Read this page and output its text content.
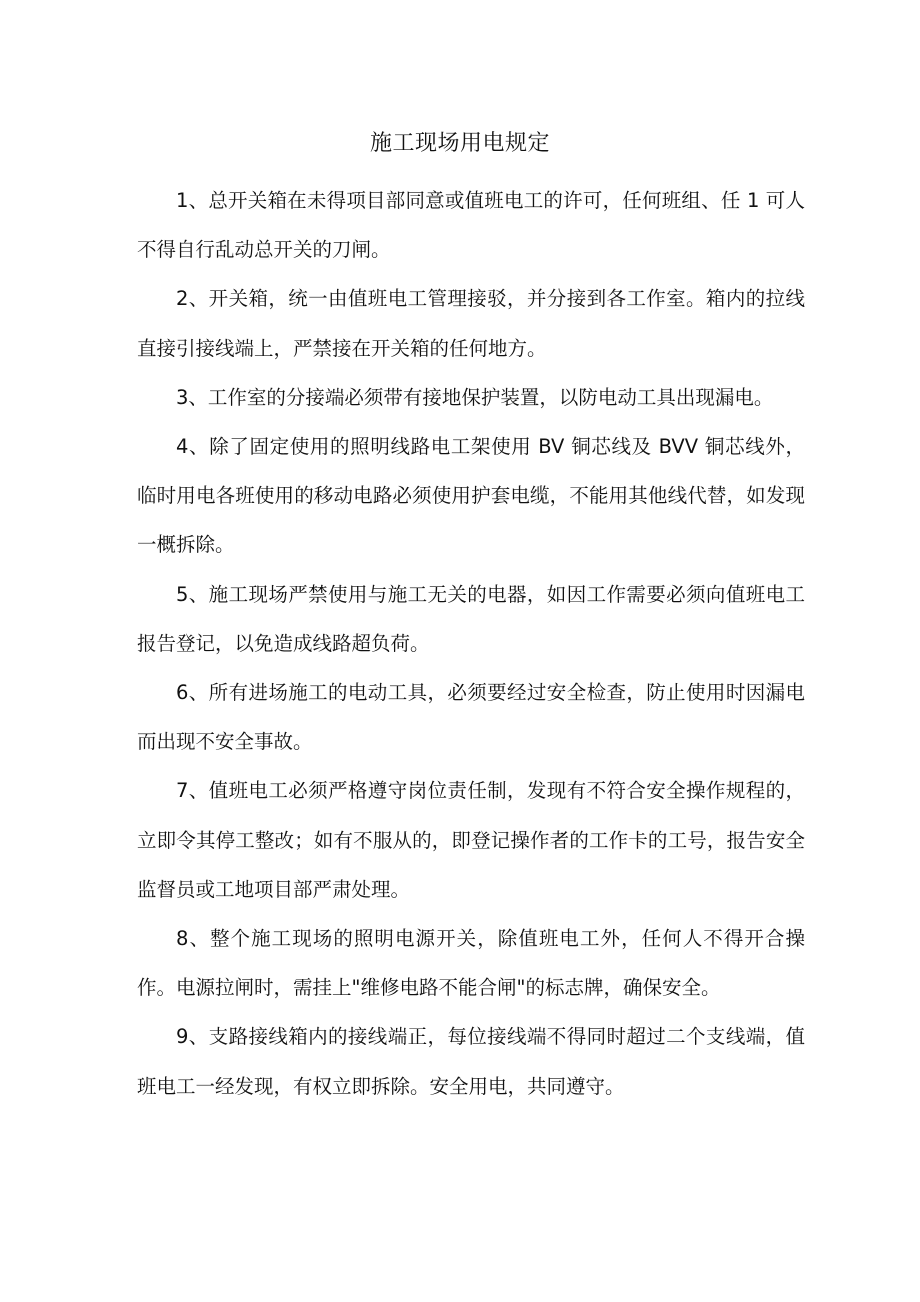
施工现场用电规定

1、总开关箱在未得项目部同意或值班电工的许可，任何班组、任 1 可人不得自行乱动总开关的刀闸。

2、开关箱，统一由值班电工管理接驳，并分接到各工作室。箱内的拉线直接引接线端上，严禁接在开关箱的任何地方。

3、工作室的分接端必须带有接地保护装置，以防电动工具出现漏电。

4、除了固定使用的照明线路电工架使用 BV 铜芯线及 BVV 铜芯线外，临时用电各班使用的移动电路必须使用护套电缆，不能用其他线代替，如发现一概拆除。

5、施工现场严禁使用与施工无关的电器，如因工作需要必须向值班电工报告登记，以免造成线路超负荷。

6、所有进场施工的电动工具，必须要经过安全检查，防止使用时因漏电而出现不安全事故。

7、值班电工必须严格遵守岗位责任制，发现有不符合安全操作规程的，立即令其停工整改；如有不服从的，即登记操作者的工作卡的工号，报告安全监督员或工地项目部严肃处理。

8、整个施工现场的照明电源开关，除值班电工外，任何人不得开合操作。电源拉闸时，需挂上"维修电路不能合闸"的标志牌，确保安全。

9、支路接线箱内的接线端正，每位接线端不得同时超过二个支线端，值班电工一经发现，有权立即拆除。安全用电，共同遵守。
